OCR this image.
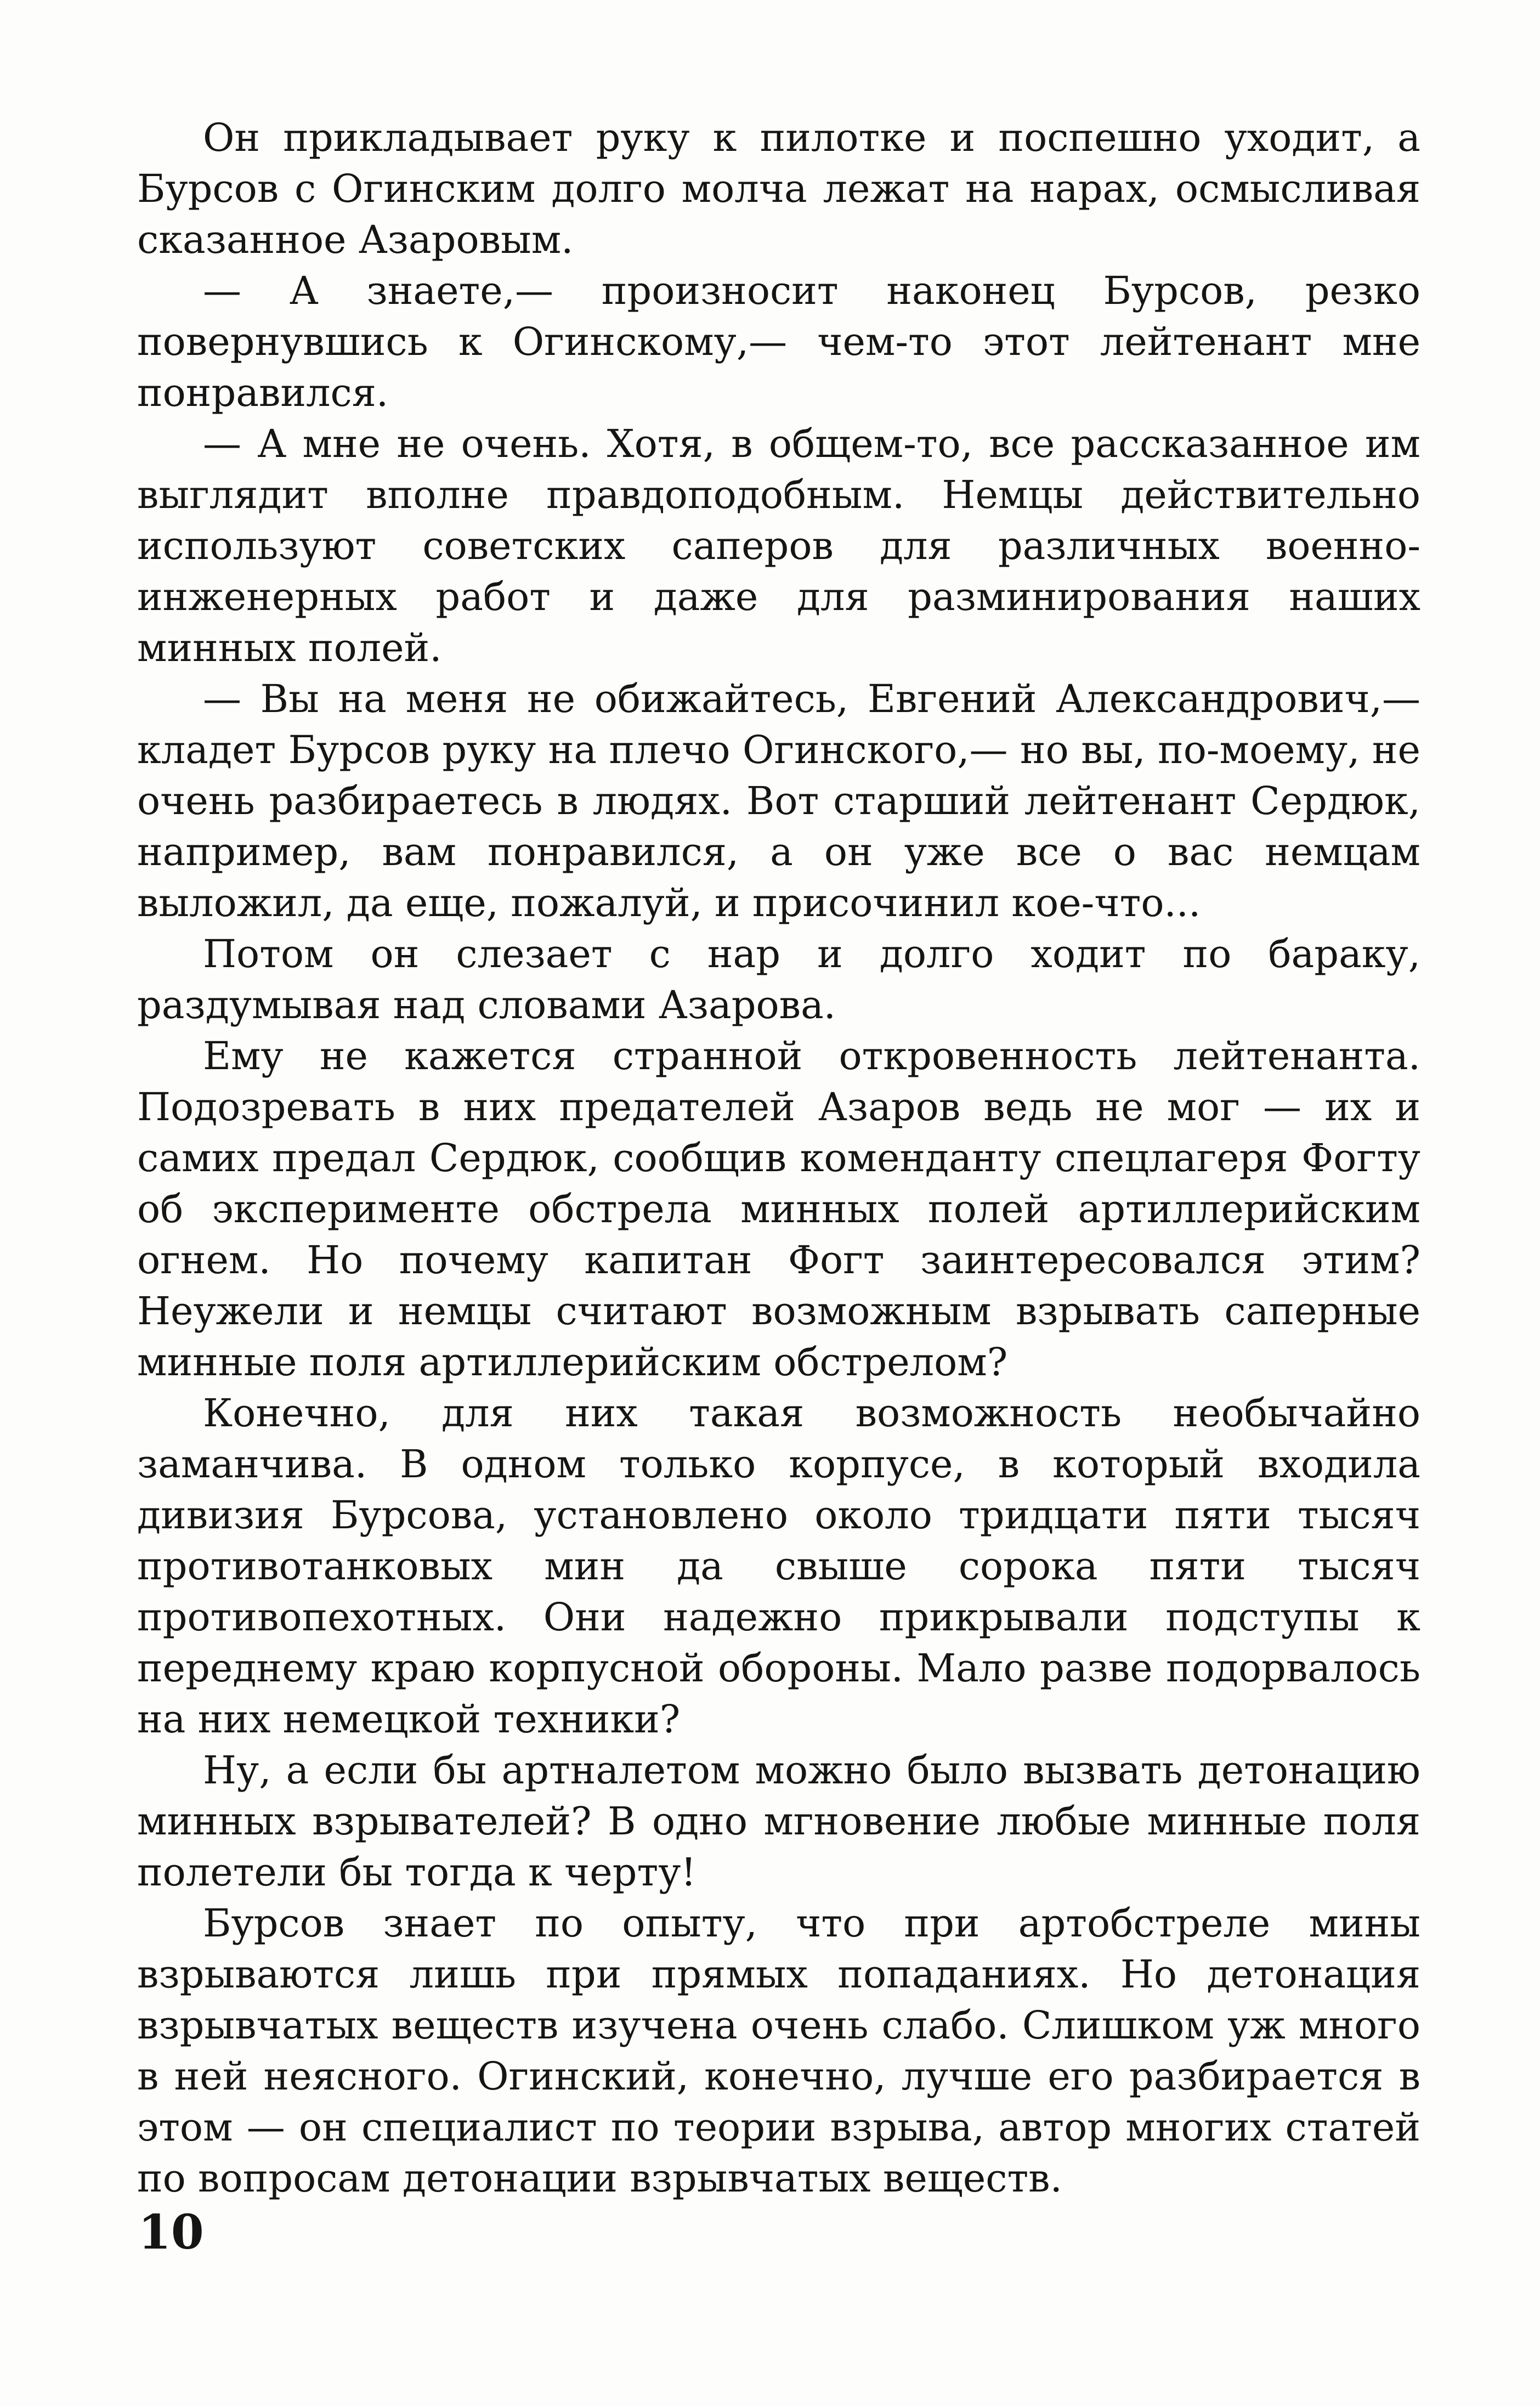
Он прикладывает руку к пилотке и поспешно уходит, а Бурсов с Огинским долго молча лежат на нарах, осмысливая сказанное Азаровым.

— А знаете,— произносит наконец Бурсов, резко повернувшись к Огинскому,— чем-то этот лейтенант мне понравился.

— А мне не очень. Хотя, в общем-то, все рассказанное им выглядит вполне правдоподобным. Немцы действительно используют советских саперов для различных военно-инженерных работ и даже для разминирования наших минных полей.

— Вы на меня не обижайтесь, Евгений Александрович,— кладет Бурсов руку на плечо Огинского,— но вы, по-моему, не очень разбираетесь в людях. Вот старший лейтенант Сердюк, например, вам понравился, а он уже все о вас немцам выложил, да еще, пожалуй, и присочинил кое-что...

Потом он слезает с нар и долго ходит по бараку, раздумывая над словами Азарова.

Ему не кажется странной откровенность лейтенанта. Подозревать в них предателей Азаров ведь не мог — их и самих предал Сердюк, сообщив коменданту спецлагеря Фогту об эксперименте обстрела минных полей артиллерийским огнем. Но почему капитан Фогт заинтересовался этим? Неужели и немцы считают возможным взрывать саперные минные поля артиллерийским обстрелом?

Конечно, для них такая возможность необычайно заманчива. В одном только корпусе, в который входила дивизия Бурсова, установлено около тридцати пяти тысяч противотанковых мин да свыше сорока пяти тысяч противопехотных. Они надежно прикрывали подступы к переднему краю корпусной обороны. Мало разве подорвалось на них немецкой техники?

Ну, а если бы артналетом можно было вызвать детонацию минных взрывателей? В одно мгновение любые минные поля полетели бы тогда к черту!

Бурсов знает по опыту, что при артобстреле мины взрываются лишь при прямых попаданиях. Но детонация взрывчатых веществ изучена очень слабо. Слишком уж много в ней неясного. Огинский, конечно, лучше его разбирается в этом — он специалист по теории взрыва, автор многих статей по вопросам детонации взрывчатых веществ.

10
